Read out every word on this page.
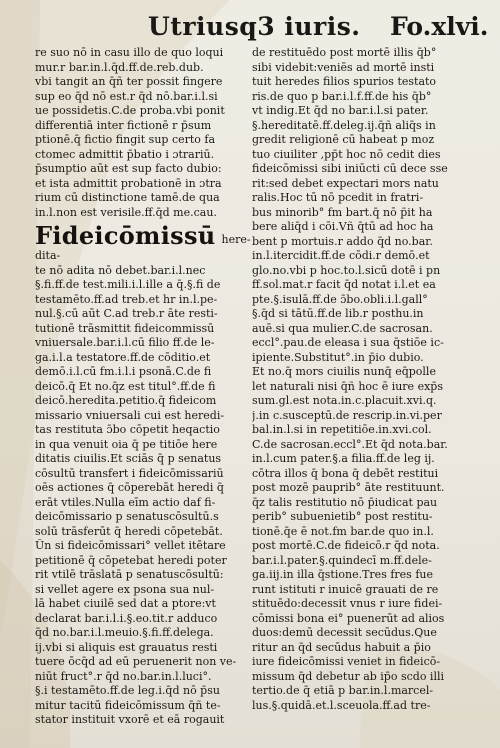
Utriusq3 iuris. Fo.xlvi.
re suo nō in casu illo de quo loqui
mur.r bar.in.l.q̄d.ff.de.reb.dub.
vbi tangit an q̄ñ ter possit fingere
sup eo q̄d nō est.r q̄d nō.bar.i.l.si
ue possidetis.C.de proba.vbi ponit
differentiā inter fictionē r p̄sum
ptionē.q̄ fictio fingit sup certo fa
ctomec admittit p̄batio i ɔtrariū.
p̄sumptio aūt est sup facto dubio:
et ista admittit probationē in ɔtra
rium cū distinctione tamē.de qua
in.l.non est verisile.ff.q̄d me.cau.
Fideicōmissū here-
dita-
te nō adita nō debet.bar.i.l.nec
§.fi.ff.de test.mili.i.l.ille a q̄.§.fi de
testamēto.ff.ad treb.et h̄r in.l.pe-
nul.§.cū aūt C.ad treb.r āte resti-
tutionē trāsmittit fideicommissū
vniuersale.bar.i.l.cū filio ff.de le-
ga.i.l.a testatore.ff.de cōditio.et
demō.i.l.cū fm.i.l.i psonā.C.de fi
deicō.q̄ Et no.q̄z est titul°.ff.de fi
deicō.heredita.petitio.q̄ fideicom
missario vniuersali cui est heredi-
tas restituta ɔ̄bo cōpetit heqactio
in qua venuit oia q̄ pe titiōe here
ditatis ciuilis.Et sciās q̄ p senatus
cōsultū transfert i fideicōmissariū
oēs actiones q̄ cōperebāt heredi q̄
erāt vtiles.Nulla eīm actio daf fi-
deicōmissario p senatuscōsultū.s
solū trāsferūt q̄ heredi cōpetebāt.
Ūn si fideicōmissari° vellet itētare
petitionē q̄ cōpetebat heredi poter
rit vtilē trāslatā p senatuscōsultū:
si vellet agere ex psona sua nul-
lā habet ciuilē sed dat a ptore:vt
declarat bar.i.l.i.§.eo.tit.r adduco
q̄d no.bar.i.l.meuio.§.fi.ff.delega.
ij.vbi si aliquis est grauatus resti
tuere ōcq̄d ad eū peruenerit non ve-
niūt fruct°.r q̄d no.bar.in.l.luci°.
§.i testamēto.ff.de leg.i.q̄d nō p̄su
mitur tacitū fideicōmissum q̄ñ te-
stator instituit vxorē et eā rogauit
de restituēdo post mortē illis q̄b°
sibi videbit:veniēs ad mortē insti
tuit heredes filios spurios testato
ris.de quo p bar.i.l.f.ff.de his q̄b°
vt indig.Et q̄d no bar.i.l.si pater.
§.hereditatē.ff.deleg.ij.q̄ñ aliq̄s in
gredit religionē cū habeat p moz
tuo ciuiliter ,pp̄t hoc nō cedit dies
fideicōmissi sibi iniūcti cū dece sse
rit:sed debet expectari mors natu
ralis.Hoc tū nō pcedit in fratri-
bus minorib° fm bart.q̄ nō p̄it ha
bere aliq̄d i cōi.Vñ q̄tū ad hoc ha
bent p mortuis.r addo q̄d no.bar.
in.l.itercidit.ff.de cōdi.r demō.et
glo.no.vbi p hoc.to.l.sicū dotē i pn
ff.sol.mat.r facit q̄d notat i.l.et ea
pte.§.isulā.ff.de ɔ̄bo.obli.i.l.gall°
§.q̄d si tātū.ff.de lib.r posthu.in
auē.si qua mulier.C.de sacrosan.
eccl°.pau.de eleasa i sua q̄stiōe ic-
ipiente.Substitut°.in p̄io dubio.
Et no.q̄ mors ciuilis nunq̄ eq̄polle
let naturali nisi q̄ñ hoc ē iure exp̄s
sum.gl.est nota.in.c.placuit.xvi.q.
j.in c.susceptū.de rescrip.in.vi.per
bal.in.l.si in repetitiōe.in.xvi.col.
C.de sacrosan.eccl°.Et q̄d nota.bar.
in.l.cum pater.§.a filia.ff.de leg ij.
cōtra illos q̄ bona q̄ debēt restitui
post mozē pauprib° āte restituunt.
q̄z talis restitutio nō p̄iudicat pau
perib° subuenietib° post restitu-
tionē.q̄e ē not.fm bar.de quo in.l.
post mortē.C.de fideicō.r q̄d nota.
bar.i.l.pater.§.quindecī m.ff.dele-
ga.iij.in illa q̄stione.Tres fres fue
runt istituti r inuicē grauati de re
stituēdo:decessit vnus r iure fidei-
cōmissi bona ei° puenerūt ad alios
duos:demū decessit secūdus.Que
ritur an q̄d secūdus habuit a p̄io
iure fideicōmissi veniet in fideicō-
missum q̄d debetur ab ip̄o scdo illi
tertio.de q̄ etiā p bar.in.l.marcel-
lus.§.quidā.et.l.sceuola.ff.ad tre-
